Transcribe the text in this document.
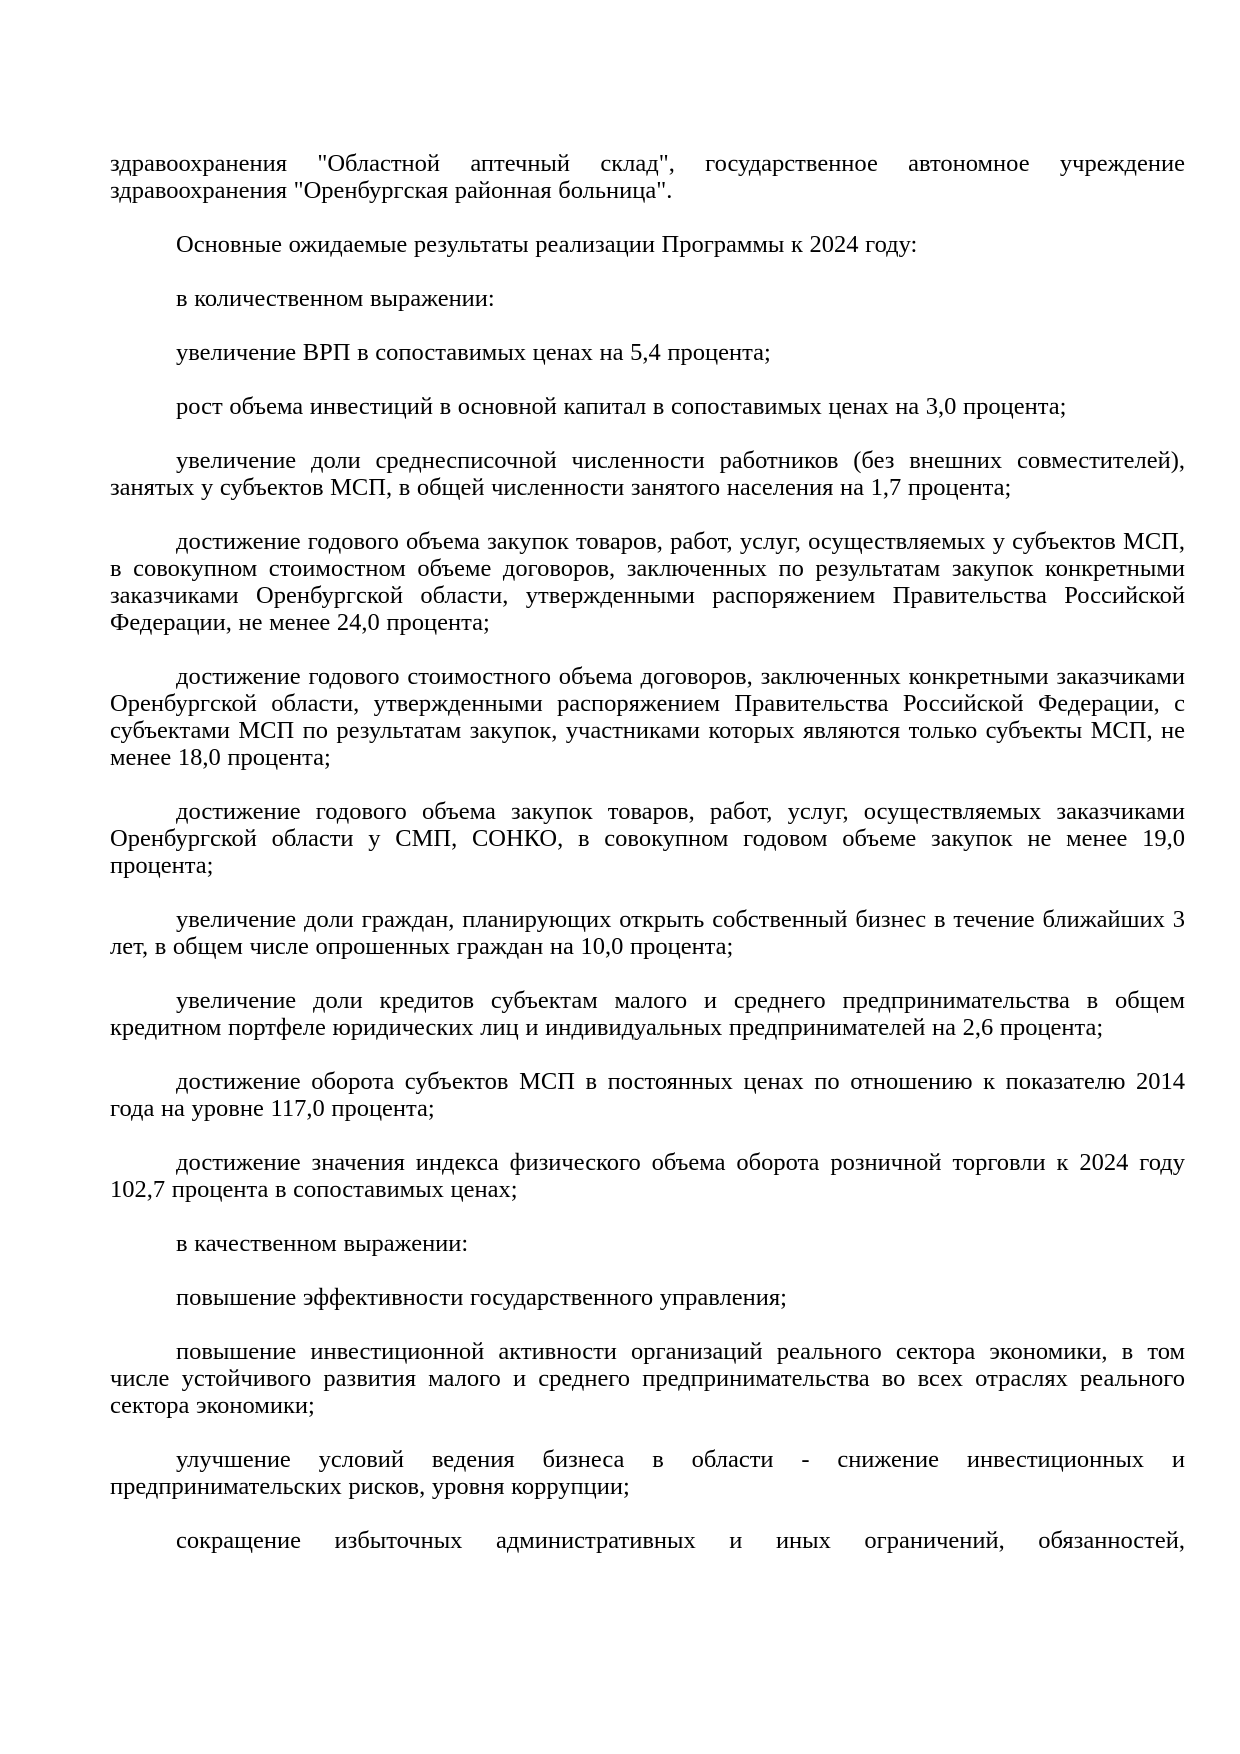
здравоохранения "Областной аптечный склад", государственное автономное учреждение здравоохранения "Оренбургская районная больница".

Основные ожидаемые результаты реализации Программы к 2024 году:

в количественном выражении:

увеличение ВРП в сопоставимых ценах на 5,4 процента;

рост объема инвестиций в основной капитал в сопоставимых ценах на 3,0 процента;

увеличение доли среднесписочной численности работников (без внешних совместителей), занятых у субъектов МСП, в общей численности занятого населения на 1,7 процента;

достижение годового объема закупок товаров, работ, услуг, осуществляемых у субъектов МСП, в совокупном стоимостном объеме договоров, заключенных по результатам закупок конкретными заказчиками Оренбургской области, утвержденными распоряжением Правительства Российской Федерации, не менее 24,0 процента;

достижение годового стоимостного объема договоров, заключенных конкретными заказчиками Оренбургской области, утвержденными распоряжением Правительства Российской Федерации, с субъектами МСП по результатам закупок, участниками которых являются только субъекты МСП, не менее 18,0 процента;

достижение годового объема закупок товаров, работ, услуг, осуществляемых заказчиками Оренбургской области у СМП, СОНКО, в совокупном годовом объеме закупок не менее 19,0 процента;

увеличение доли граждан, планирующих открыть собственный бизнес в течение ближайших 3 лет, в общем числе опрошенных граждан на 10,0 процента;

увеличение доли кредитов субъектам малого и среднего предпринимательства в общем кредитном портфеле юридических лиц и индивидуальных предпринимателей на 2,6 процента;

достижение оборота субъектов МСП в постоянных ценах по отношению к показателю 2014 года на уровне 117,0 процента;

достижение значения индекса физического объема оборота розничной торговли к 2024 году 102,7 процента в сопоставимых ценах;

в качественном выражении:

повышение эффективности государственного управления;

повышение инвестиционной активности организаций реального сектора экономики, в том числе устойчивого развития малого и среднего предпринимательства во всех отраслях реального сектора экономики;

улучшение условий ведения бизнеса в области - снижение инвестиционных и предпринимательских рисков, уровня коррупции;

сокращение избыточных административных и иных ограничений, обязанностей,
